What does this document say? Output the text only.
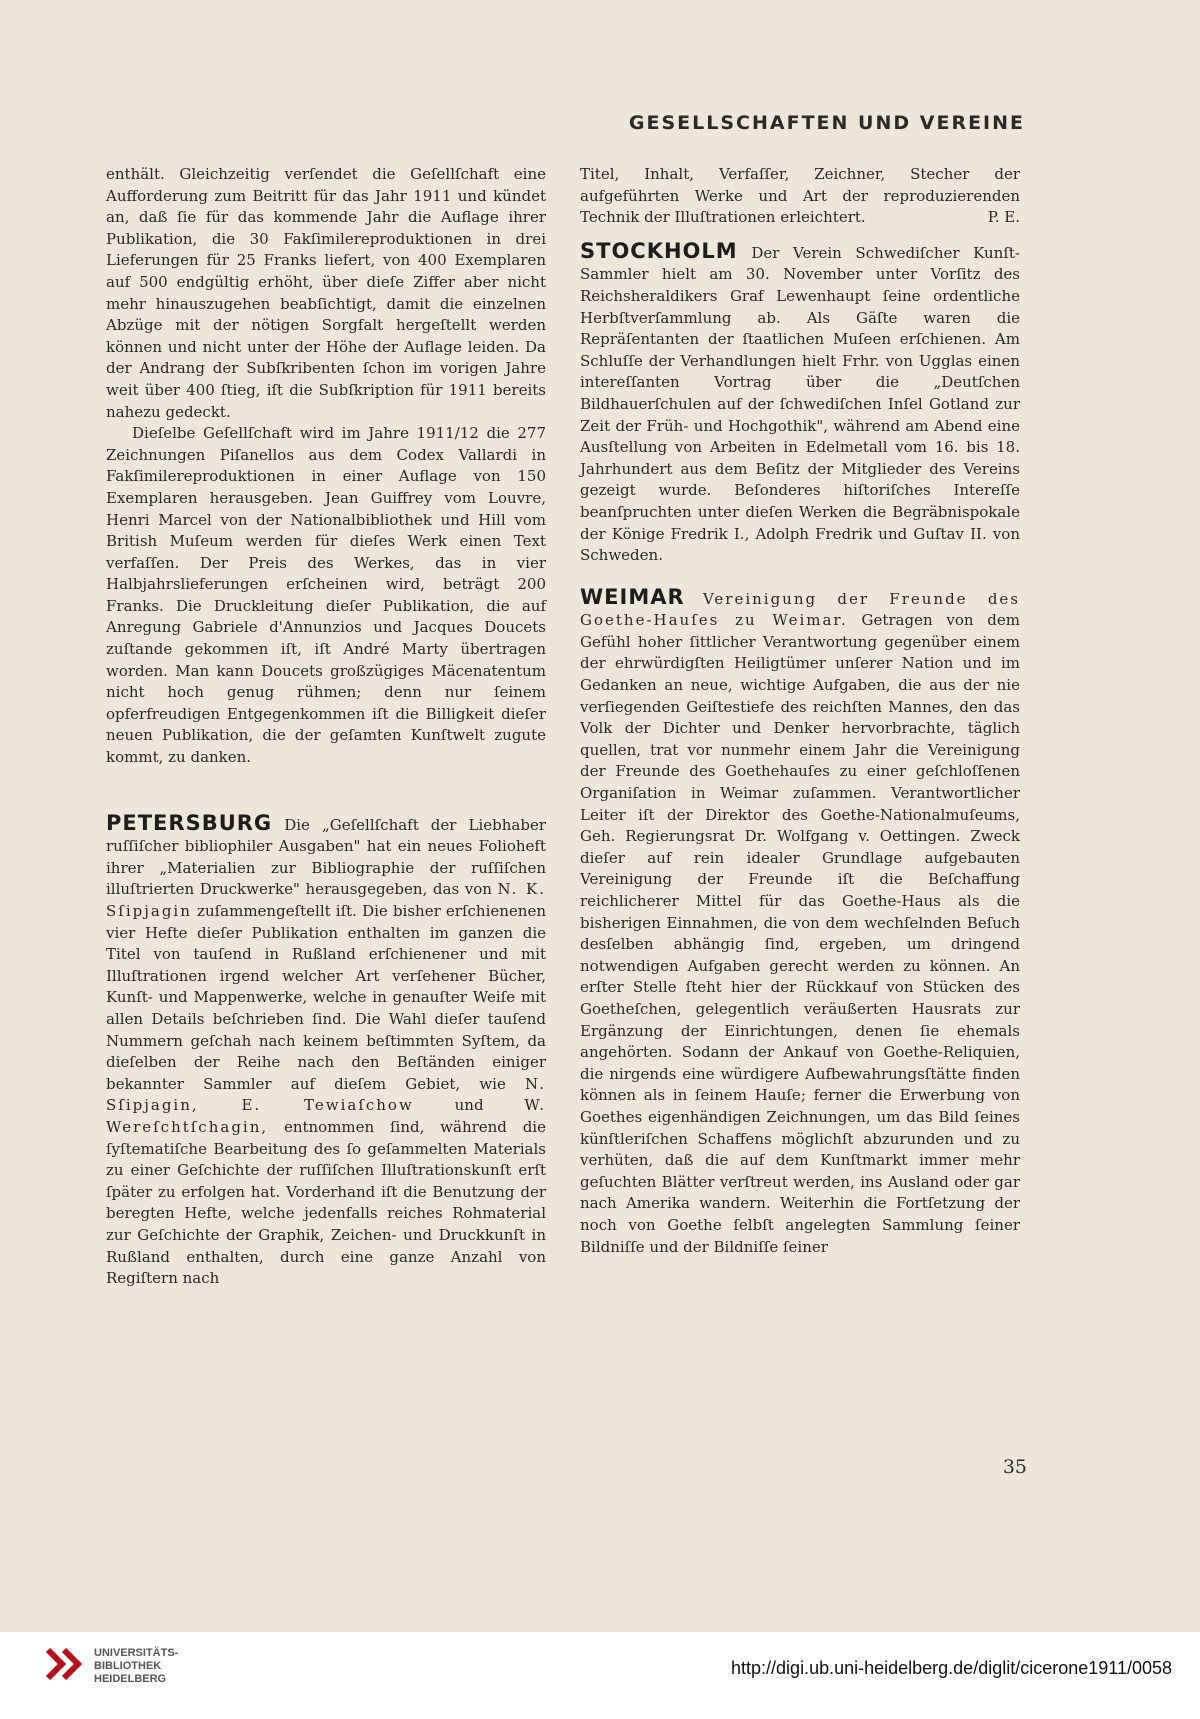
GESELLSCHAFTEN UND VEREINE

enthält. Gleichzeitig verſendet die Geſellſchaft eine Aufforderung zum Beitritt für das Jahr 1911 und kündet an, daß ſie für das kommende Jahr die Auflage ihrer Publikation, die 30 Fakſimilereproduktionen in drei Lieferungen für 25 Franks liefert, von 400 Exemplaren auf 500 endgültig erhöht, über dieſe Ziffer aber nicht mehr hinauszugehen beabſichtigt, damit die einzelnen Abzüge mit der nötigen Sorgfalt hergeſtellt werden können und nicht unter der Höhe der Auflage leiden. Da der Andrang der Subſkribenten ſchon im vorigen Jahre weit über 400 ſtieg, iſt die Subſkription für 1911 bereits nahezu gedeckt.

Dieſelbe Geſellſchaft wird im Jahre 1911/12 die 277 Zeichnungen Piſanellos aus dem Codex Vallardi in Fakſimilereproduktionen in einer Auflage von 150 Exemplaren herausgeben. Jean Guiffrey vom Louvre, Henri Marcel von der Nationalbibliothek und Hill vom British Muſeum werden für dieſes Werk einen Text verfaſſen. Der Preis des Werkes, das in vier Halbjahrslieferungen erſcheinen wird, beträgt 200 Franks. Die Druckleitung dieſer Publikation, die auf Anregung Gabriele d'Annunzios und Jacques Doucets zuſtande gekommen iſt, iſt André Marty übertragen worden. Man kann Doucets großzügiges Mäcenatentum nicht hoch genug rühmen; denn nur ſeinem opferfreudigen Entgegenkommen iſt die Billigkeit dieſer neuen Publikation, die der geſamten Kunſtwelt zugute kommt, zu danken.

PETERSBURG Die „Geſellſchaft der Liebhaber ruſſiſcher bibliophiler Ausgaben" hat ein neues Folioheft ihrer „Materialien zur Bibliographie der ruſſiſchen illuſtrierten Druckwerke" herausgegeben, das von N. K. Sſipjagin zuſammengeſtellt iſt. Die bisher erſchienenen vier Hefte dieſer Publikation enthalten im ganzen die Titel von tauſend in Rußland erſchienener und mit Illuſtrationen irgend welcher Art verſehener Bücher, Kunſt- und Mappenwerke, welche in genauſter Weiſe mit allen Details beſchrieben ſind. Die Wahl dieſer tauſend Nummern geſchah nach keinem beſtimmten Syſtem, da dieſelben der Reihe nach den Beſtänden einiger bekannter Sammler auf dieſem Gebiet, wie N. Sſipjagin, E. Tewiaſchow	und	W. Wereſchtſchagin, entnommen ſind, während die ſyſtematiſche Bearbeitung des ſo geſammelten Materials zu einer Geſchichte der ruſſiſchen Illuſtrationskunſt erſt ſpäter zu erfolgen hat. Vorderhand iſt die Benutzung der beregten Hefte, welche jedenfalls reiches Rohmaterial zur Geſchichte der Graphik, Zeichen- und Druckkunſt in Rußland enthalten, durch eine ganze Anzahl von Regiſtern nach

Titel, Inhalt, Verfaſſer, Zeichner, Stecher der aufgeführten Werke und Art der reproduzierenden Technik der Illuſtrationen erleichtert.	P. E.

STOCKHOLM Der Verein Schwediſcher Kunſt-Sammler hielt am 30. November unter Vorſitz des Reichsheraldikers Graf Lewenhaupt ſeine ordentliche Herbſtverſammlung ab. Als Gäſte waren die Repräſentanten der ſtaatlichen Muſeen erſchienen. Am Schluſſe der Verhandlungen hielt Frhr. von Ugglas einen intereſſanten Vortrag über die „Deutſchen Bildhauerſchulen auf der ſchwediſchen Inſel Gotland zur Zeit der Früh- und Hochgothik", während am Abend eine Ausſtellung von Arbeiten in Edelmetall vom 16. bis 18. Jahrhundert aus dem Beſitz der Mitglieder des Vereins gezeigt wurde. Beſonderes hiſtoriſches Intereſſe beanſpruchten unter dieſen Werken die Begräbnispokale der Könige Fredrik I., Adolph Fredrik und Guſtav II. von Schweden.

WEIMAR Vereinigung der Freunde des Goethe-Hauſes zu Weimar. Getragen von dem Gefühl hoher ſittlicher Verantwortung gegenüber einem der ehrwürdigſten Heiligtümer unſerer Nation und im Gedanken an neue, wichtige Aufgaben, die aus der nie verſiegenden Geiſtestiefe des reichſten Mannes, den das Volk der Dichter und Denker hervorbrachte, täglich quellen, trat vor nunmehr einem Jahr die Vereinigung der Freunde des Goethehauſes zu einer geſchloſſenen Organiſation in Weimar zuſammen. Verantwortlicher Leiter iſt der Direktor des Goethe-Nationalmuſeums, Geh. Regierungsrat Dr. Wolfgang v. Oettingen. Zweck dieſer auf rein idealer Grundlage aufgebauten Vereinigung der Freunde iſt die Beſchaffung reichlicherer Mittel für das Goethe-Haus als die bisherigen Einnahmen, die von dem wechſelnden Beſuch desſelben abhängig ſind, ergeben, um dringend notwendigen Aufgaben gerecht werden zu können. An erſter Stelle ſteht hier der Rückkauf von Stücken des Goetheſchen, gelegentlich veräußerten Hausrats zur Ergänzung der Einrichtungen, denen ſie ehemals angehörten. Sodann der Ankauf von Goethe-Reliquien, die nirgends eine würdigere Aufbewahrungsſtätte finden können als in ſeinem Hauſe; ferner die Erwerbung von Goethes eigenhändigen Zeichnungen, um das Bild ſeines künſtleriſchen Schaffens möglichſt abzurunden und zu verhüten, daß die auf dem Kunſtmarkt immer mehr geſuchten Blätter verſtreut werden, ins Ausland oder gar nach Amerika wandern. Weiterhin die Fortſetzung der noch von Goethe ſelbſt angelegten Sammlung ſeiner Bildniſſe und der Bildniſſe ſeiner

35
UNIVERSITÄTS-
BIBLIOTHEK
HEIDELBERG
http://digi.ub.uni-heidelberg.de/diglit/cicerone1911/0058
